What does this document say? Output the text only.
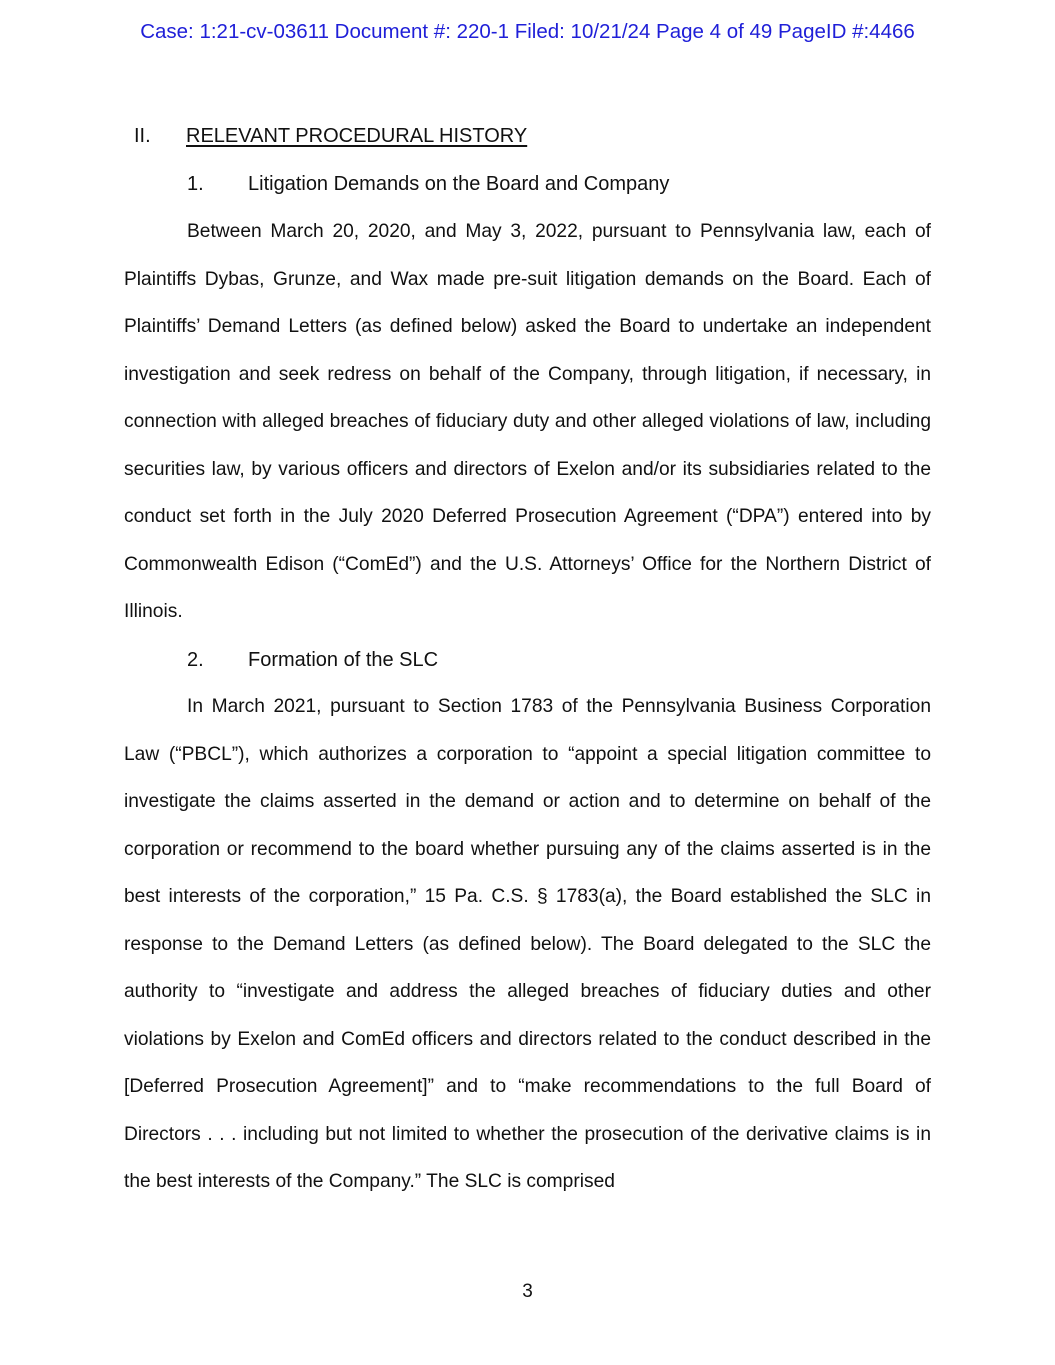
Case: 1:21-cv-03611 Document #: 220-1 Filed: 10/21/24 Page 4 of 49 PageID #:4466
II. RELEVANT PROCEDURAL HISTORY
1. Litigation Demands on the Board and Company

Between March 20, 2020, and May 3, 2022, pursuant to Pennsylvania law, each of Plaintiffs Dybas, Grunze, and Wax made pre-suit litigation demands on the Board. Each of Plaintiffs’ Demand Letters (as defined below) asked the Board to undertake an independent investigation and seek redress on behalf of the Company, through litigation, if necessary, in connection with alleged breaches of fiduciary duty and other alleged violations of law, including securities law, by various officers and directors of Exelon and/or its subsidiaries related to the conduct set forth in the July 2020 Deferred Prosecution Agreement (“DPA”) entered into by Commonwealth Edison (“ComEd”) and the U.S. Attorneys’ Office for the Northern District of Illinois.

2. Formation of the SLC

In March 2021, pursuant to Section 1783 of the Pennsylvania Business Corporation Law (“PBCL”), which authorizes a corporation to “appoint a special litigation committee to investigate the claims asserted in the demand or action and to determine on behalf of the corporation or recommend to the board whether pursuing any of the claims asserted is in the best interests of the corporation,” 15 Pa. C.S. § 1783(a), the Board established the SLC in response to the Demand Letters (as defined below). The Board delegated to the SLC the authority to “investigate and address the alleged breaches of fiduciary duties and other violations by Exelon and ComEd officers and directors related to the conduct described in the [Deferred Prosecution Agreement]” and to “make recommendations to the full Board of Directors . . . including but not limited to whether the prosecution of the derivative claims is in the best interests of the Company.” The SLC is comprised

3
